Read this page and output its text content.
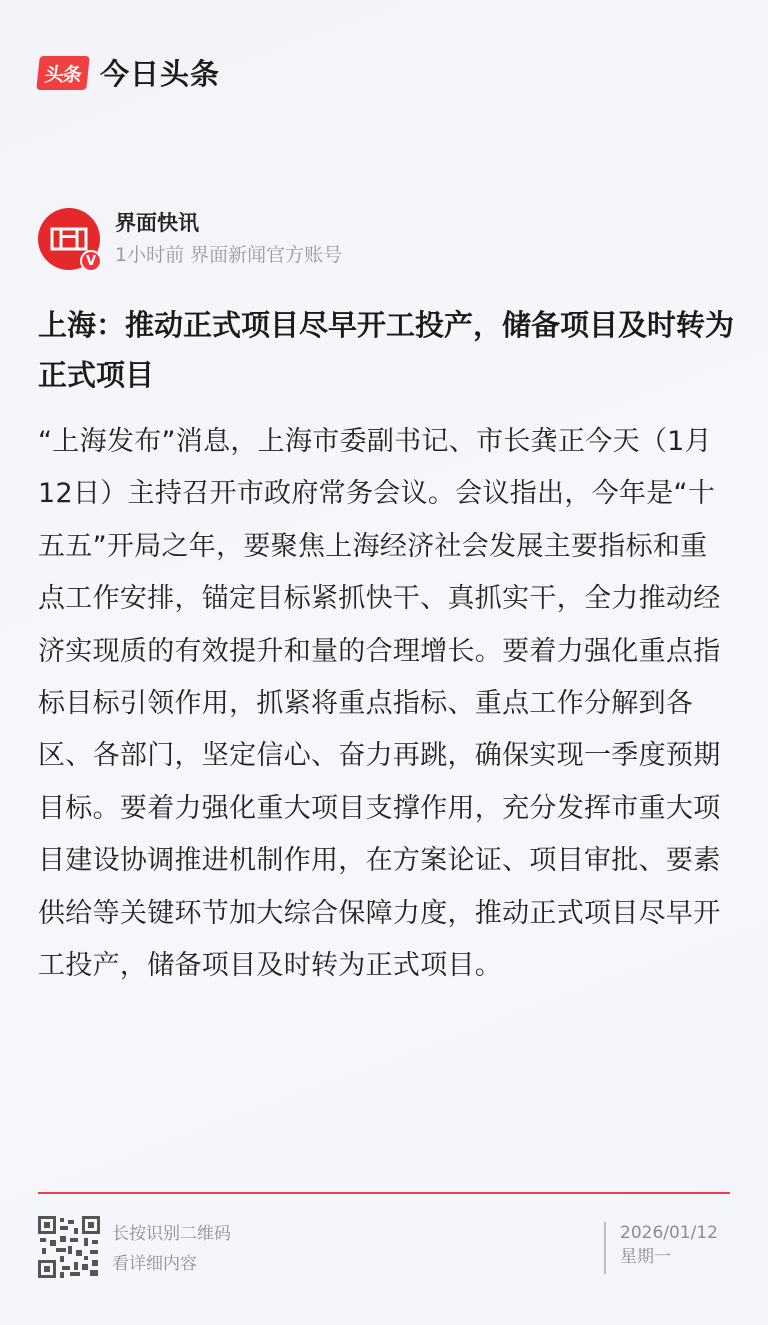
头条 今日头条
V
界面快讯
1小时前 界面新闻官方账号
上海：推动正式项目尽早开工投产，储备项目及时转为正式项目
“上海发布”消息，上海市委副书记、市长龚正今天（1月12日）主持召开市政府常务会议。会议指出，今年是“十五五”开局之年，要聚焦上海经济社会发展主要指标和重点工作安排，锚定目标紧抓快干、真抓实干，全力推动经济实现质的有效提升和量的合理增长。要着力强化重点指标目标引领作用，抓紧将重点指标、重点工作分解到各区、各部门，坚定信心、奋力再跳，确保实现一季度预期目标。要着力强化重大项目支撑作用，充分发挥市重大项目建设协调推进机制作用，在方案论证、项目审批、要素供给等关键环节加大综合保障力度，推动正式项目尽早开工投产，储备项目及时转为正式项目。
长按识别二维码
看详细内容
2026/01/12
星期一
